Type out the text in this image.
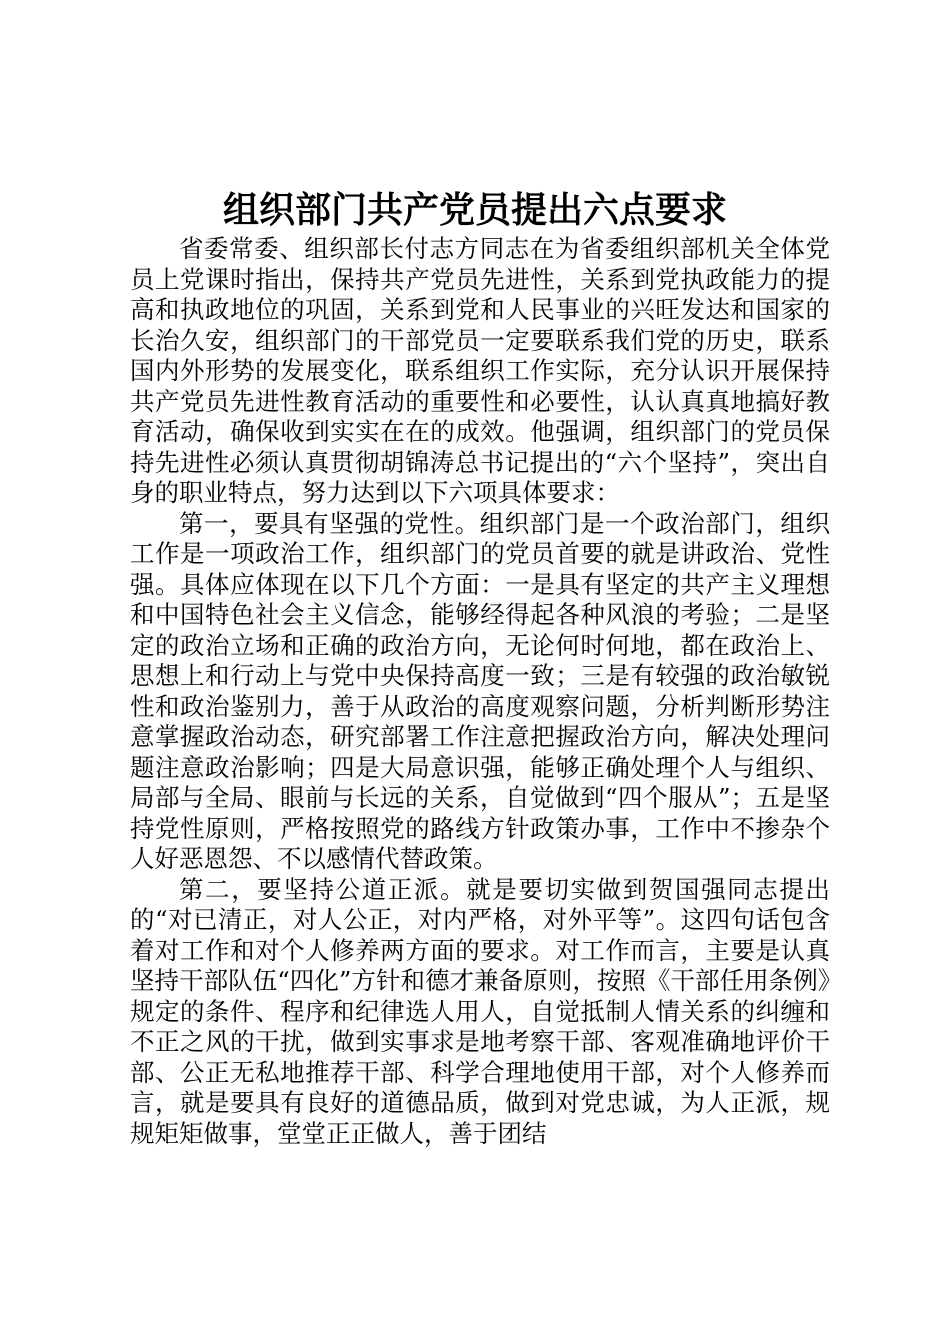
组织部门共产党员提出六点要求

省委常委、组织部长付志方同志在为省委组织部机关全体党员上党课时指出，保持共产党员先进性，关系到党执政能力的提高和执政地位的巩固，关系到党和人民事业的兴旺发达和国家的长治久安，组织部门的干部党员一定要联系我们党的历史，联系国内外形势的发展变化，联系组织工作实际，充分认识开展保持共产党员先进性教育活动的重要性和必要性，认认真真地搞好教育活动，确保收到实实在在的成效。他强调，组织部门的党员保持先进性必须认真贯彻胡锦涛总书记提出的“六个坚持”，突出自身的职业特点，努力达到以下六项具体要求：

第一，要具有坚强的党性。组织部门是一个政治部门，组织工作是一项政治工作，组织部门的党员首要的就是讲政治、党性强。具体应体现在以下几个方面：一是具有坚定的共产主义理想和中国特色社会主义信念，能够经得起各种风浪的考验；二是坚定的政治立场和正确的政治方向，无论何时何地，都在政治上、思想上和行动上与党中央保持高度一致；三是有较强的政治敏锐性和政治鉴别力，善于从政治的高度观察问题，分析判断形势注意掌握政治动态，研究部署工作注意把握政治方向，解决处理问题注意政治影响；四是大局意识强，能够正确处理个人与组织、局部与全局、眼前与长远的关系，自觉做到“四个服从”；五是坚持党性原则，严格按照党的路线方针政策办事，工作中不掺杂个人好恶恩怨、不以感情代替政策。

第二，要坚持公道正派。就是要切实做到贺国强同志提出的“对已清正，对人公正，对内严格，对外平等”。这四句话包含着对工作和对个人修养两方面的要求。对工作而言，主要是认真坚持干部队伍“四化”方针和德才兼备原则，按照《干部任用条例》规定的条件、程序和纪律选人用人，自觉抵制人情关系的纠缠和不正之风的干扰，做到实事求是地考察干部、客观准确地评价干部、公正无私地推荐干部、科学合理地使用干部，对个人修养而言，就是要具有良好的道德品质，做到对党忠诚，为人正派，规规矩矩做事，堂堂正正做人，善于团结
